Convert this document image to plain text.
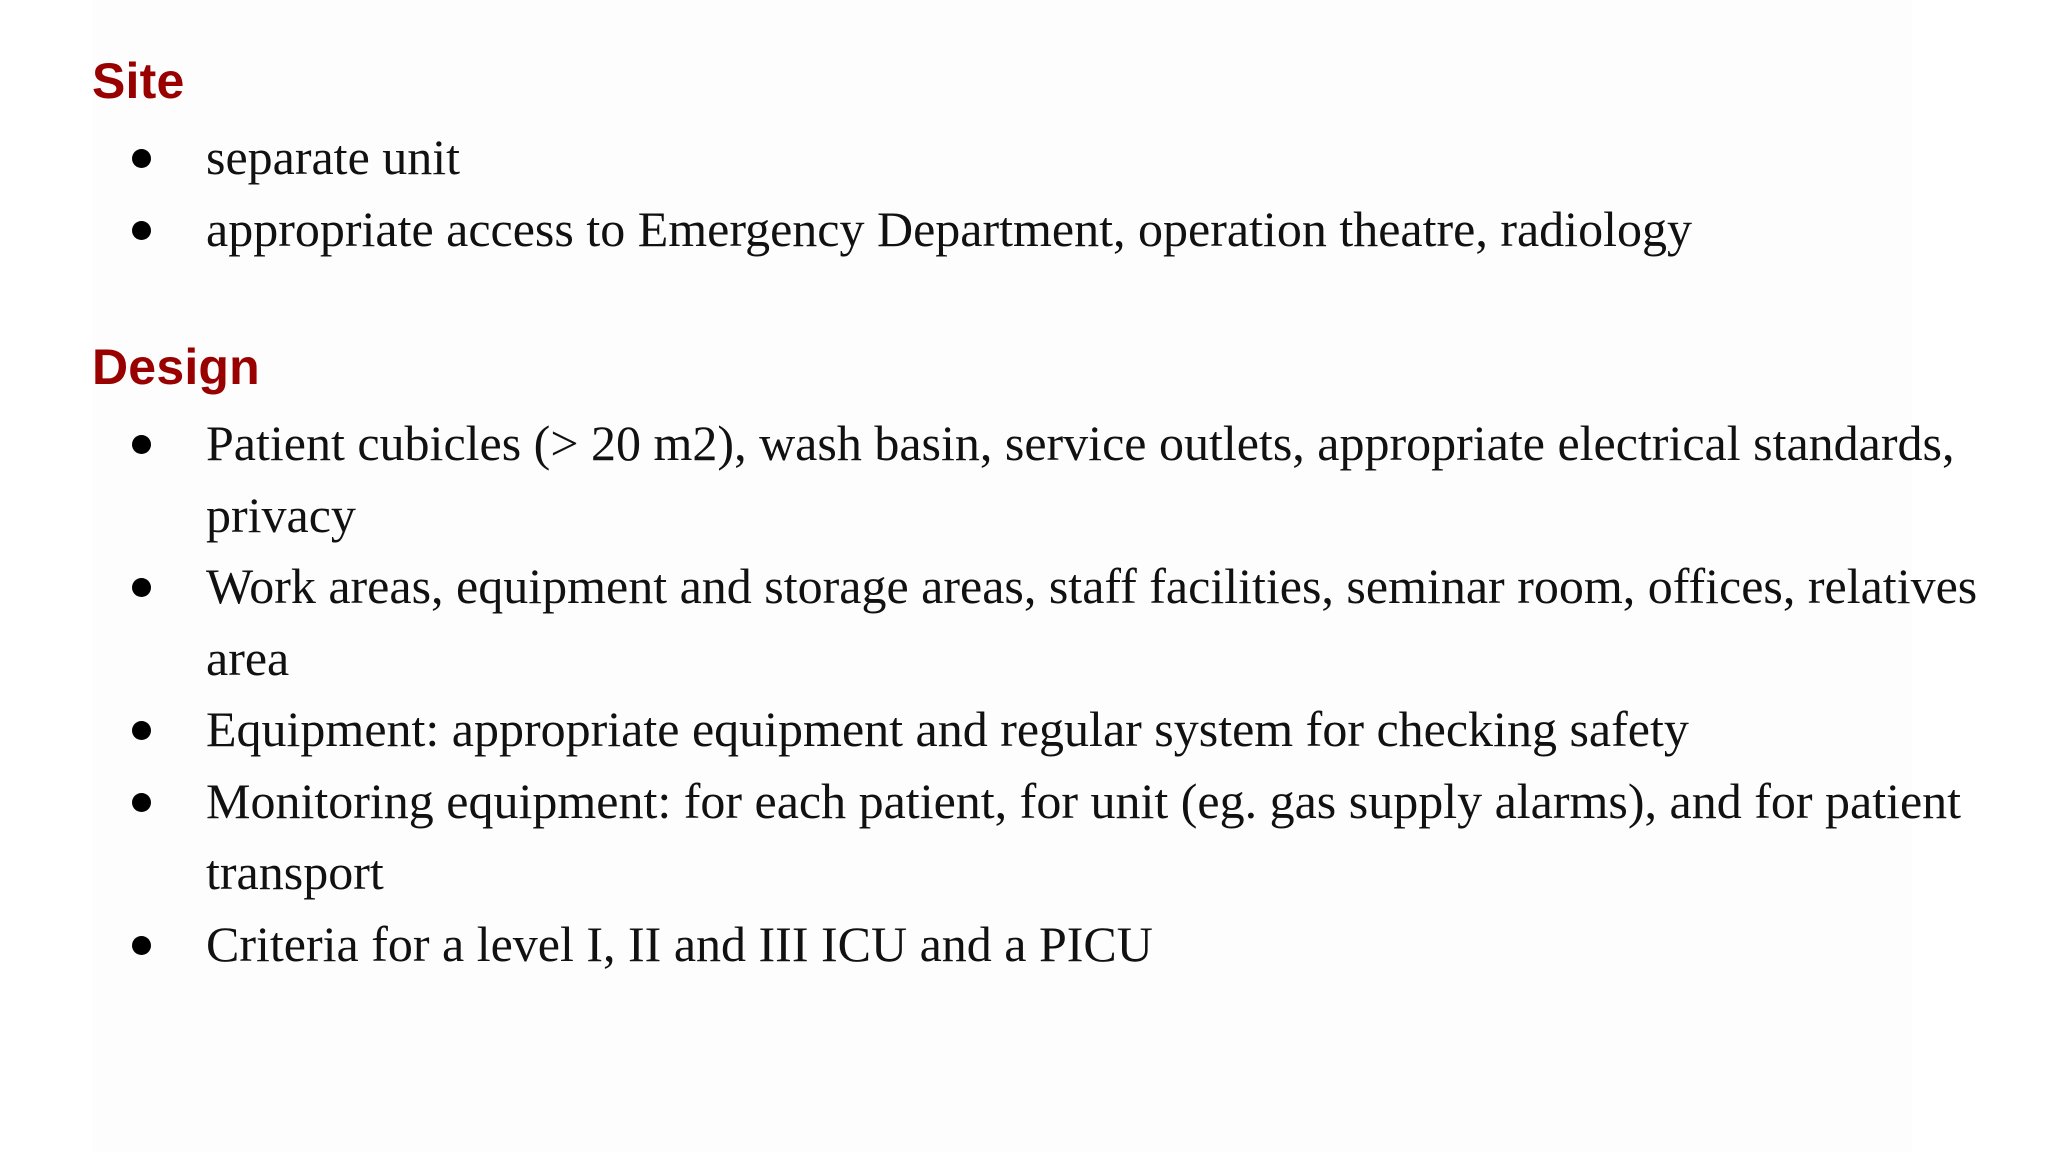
Site
separate unit
appropriate access to Emergency Department, operation theatre, radiology
Design
Patient cubicles (> 20 m2), wash basin, service outlets, appropriate electrical standards, privacy
Work areas, equipment and storage areas, staff facilities, seminar room, offices, relatives area
Equipment: appropriate equipment and regular system for checking safety
Monitoring equipment: for each patient, for unit (eg. gas supply alarms), and for patient transport
Criteria for a level I, II and III ICU and a PICU
